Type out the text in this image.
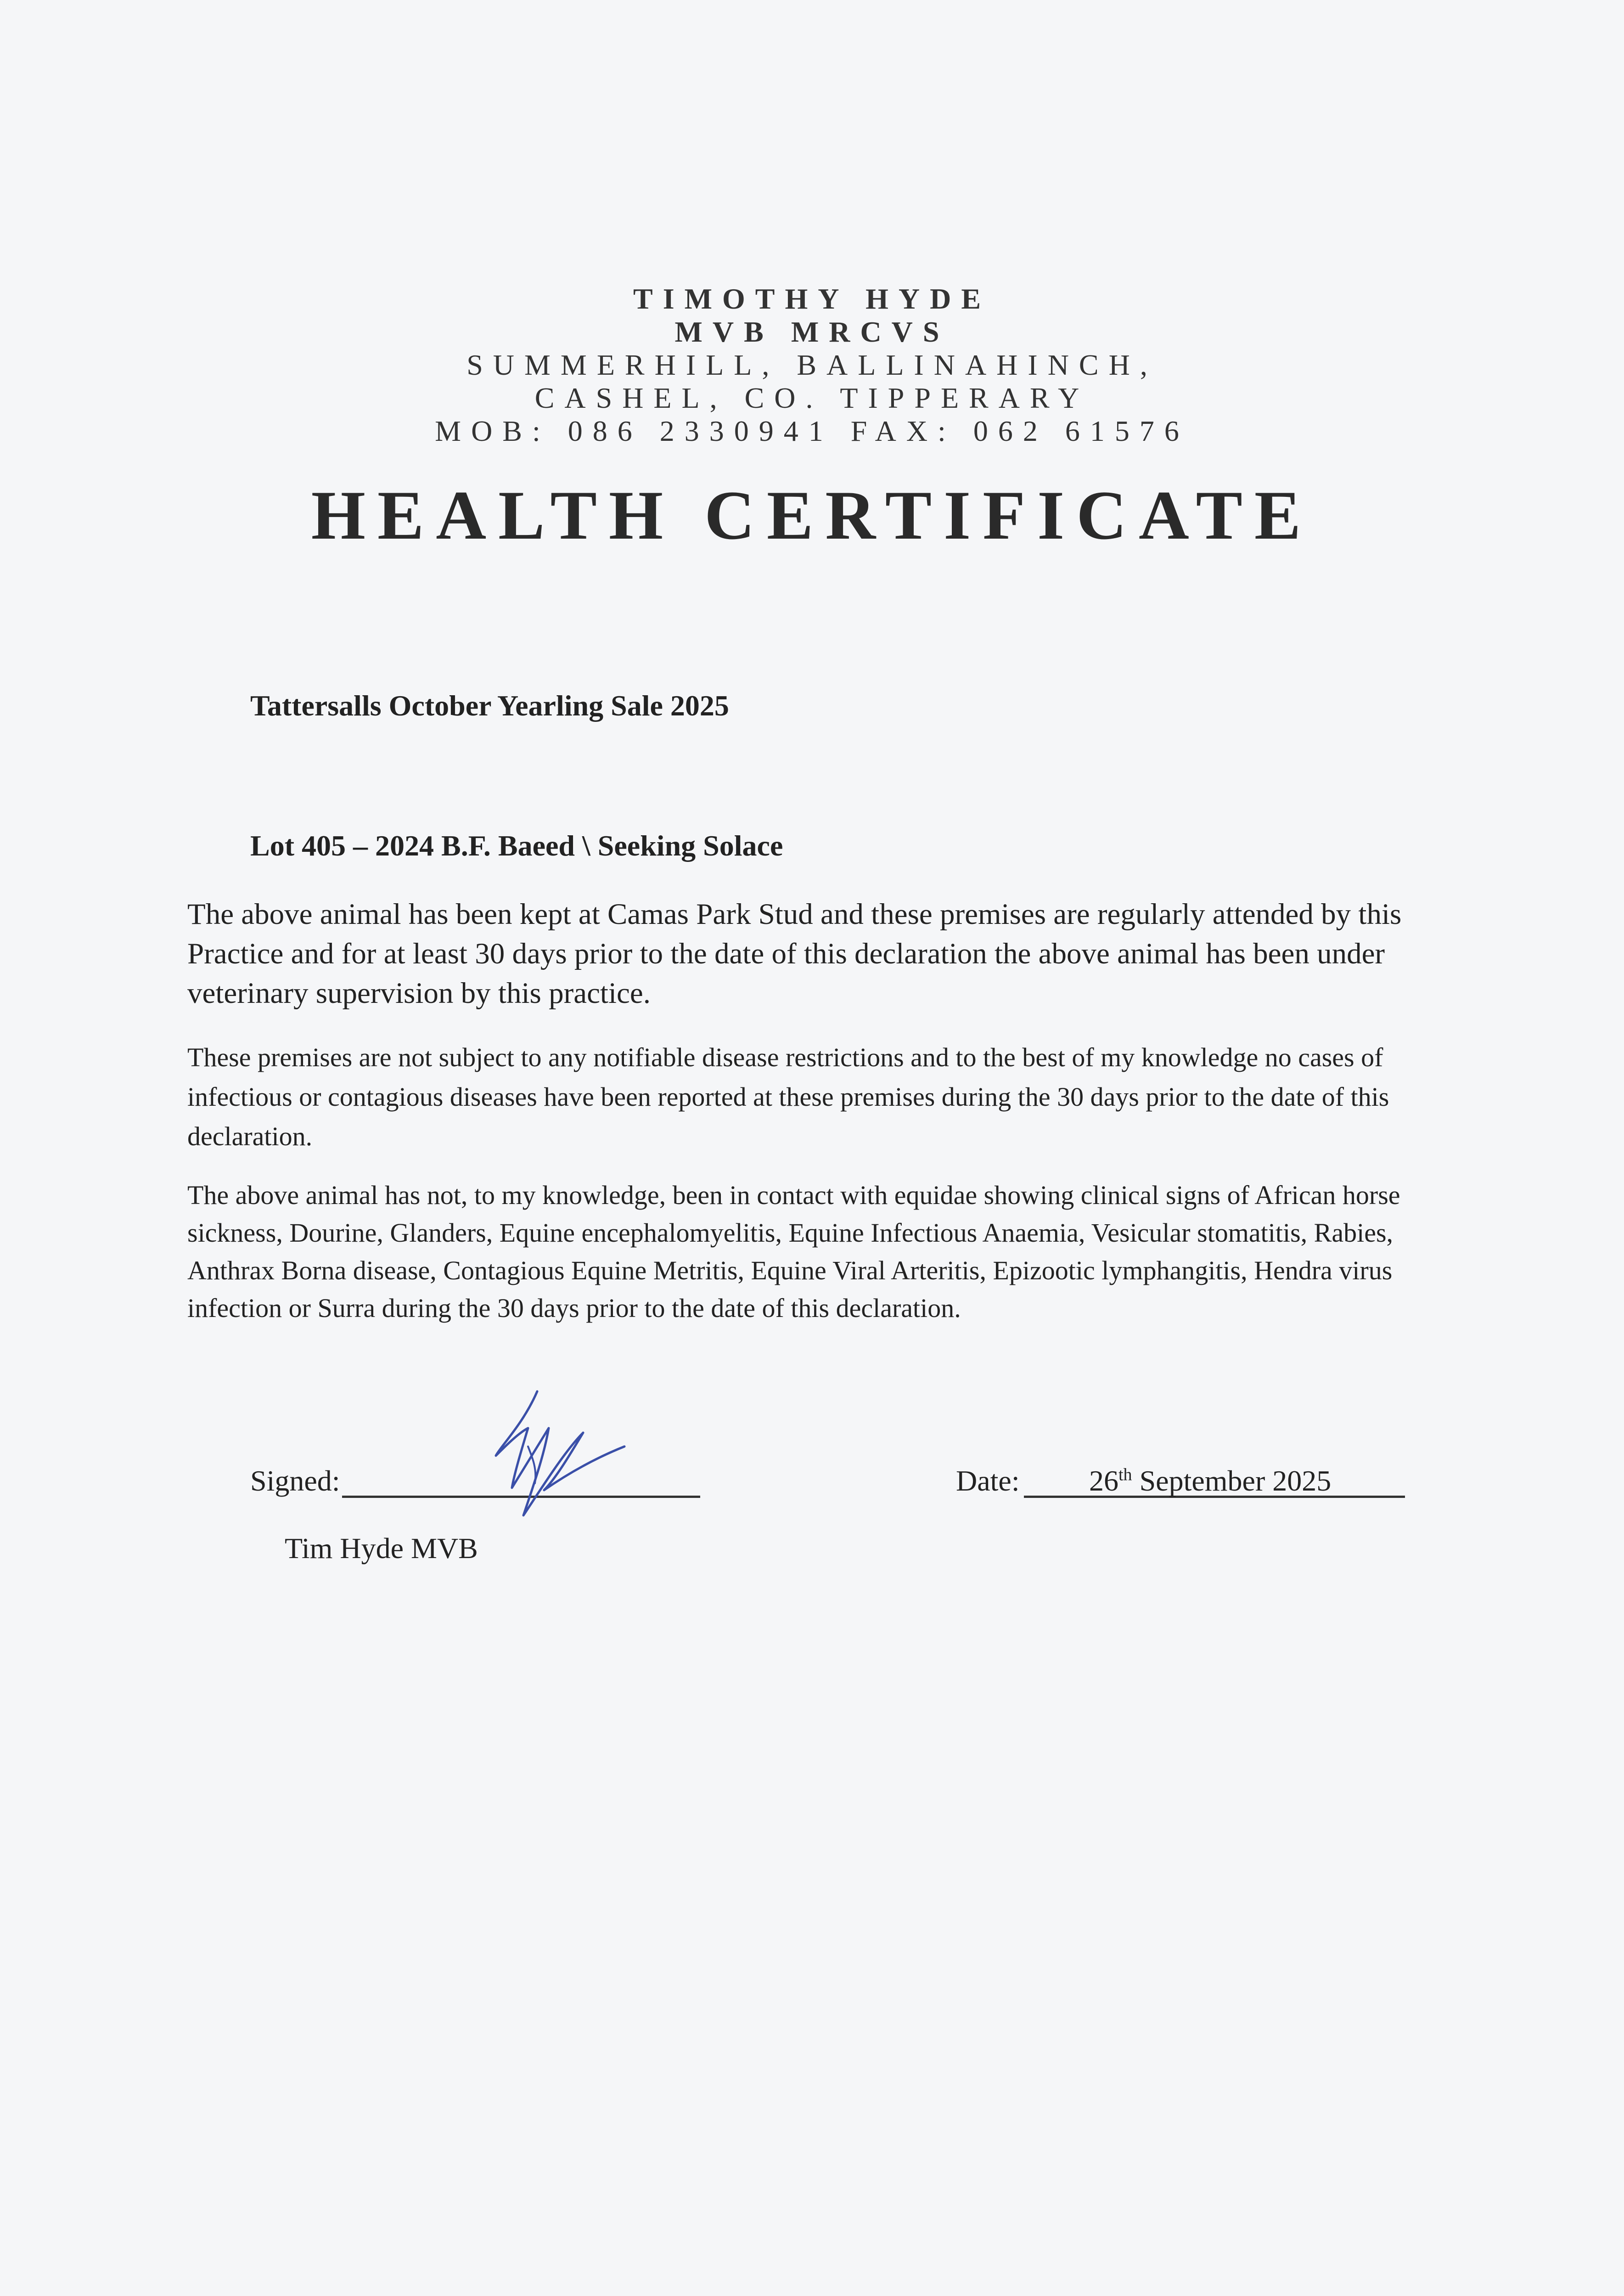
TIMOTHY HYDE
MVB MRCVS
SUMMERHILL, BALLINAHINCH,
CASHEL, CO. TIPPERARY
MOB: 086 2330941 FAX: 062 61576
HEALTH CERTIFICATE
Tattersalls October Yearling Sale 2025
Lot 405 – 2024 B.F. Baeed \ Seeking Solace

The above animal has been kept at Camas Park Stud and these premises are regularly attended by this Practice and for at least 30 days prior to the date of this declaration the above animal has been under veterinary supervision by this practice.

These premises are not subject to any notifiable disease restrictions and to the best of my knowledge no cases of infectious or contagious diseases have been reported at these premises during the 30 days prior to the date of this declaration.

The above animal has not, to my knowledge, been in contact with equidae showing clinical signs of African horse sickness, Dourine, Glanders, Equine encephalomyelitis, Equine Infectious Anaemia, Vesicular stomatitis, Rabies, Anthrax Borna disease, Contagious Equine Metritis, Equine Viral Arteritis, Epizootic lymphangitis, Hendra virus infection or Surra during the 30 days prior to the date of this declaration.

Signed:	Date: 26th September 2025
Tim Hyde MVB
